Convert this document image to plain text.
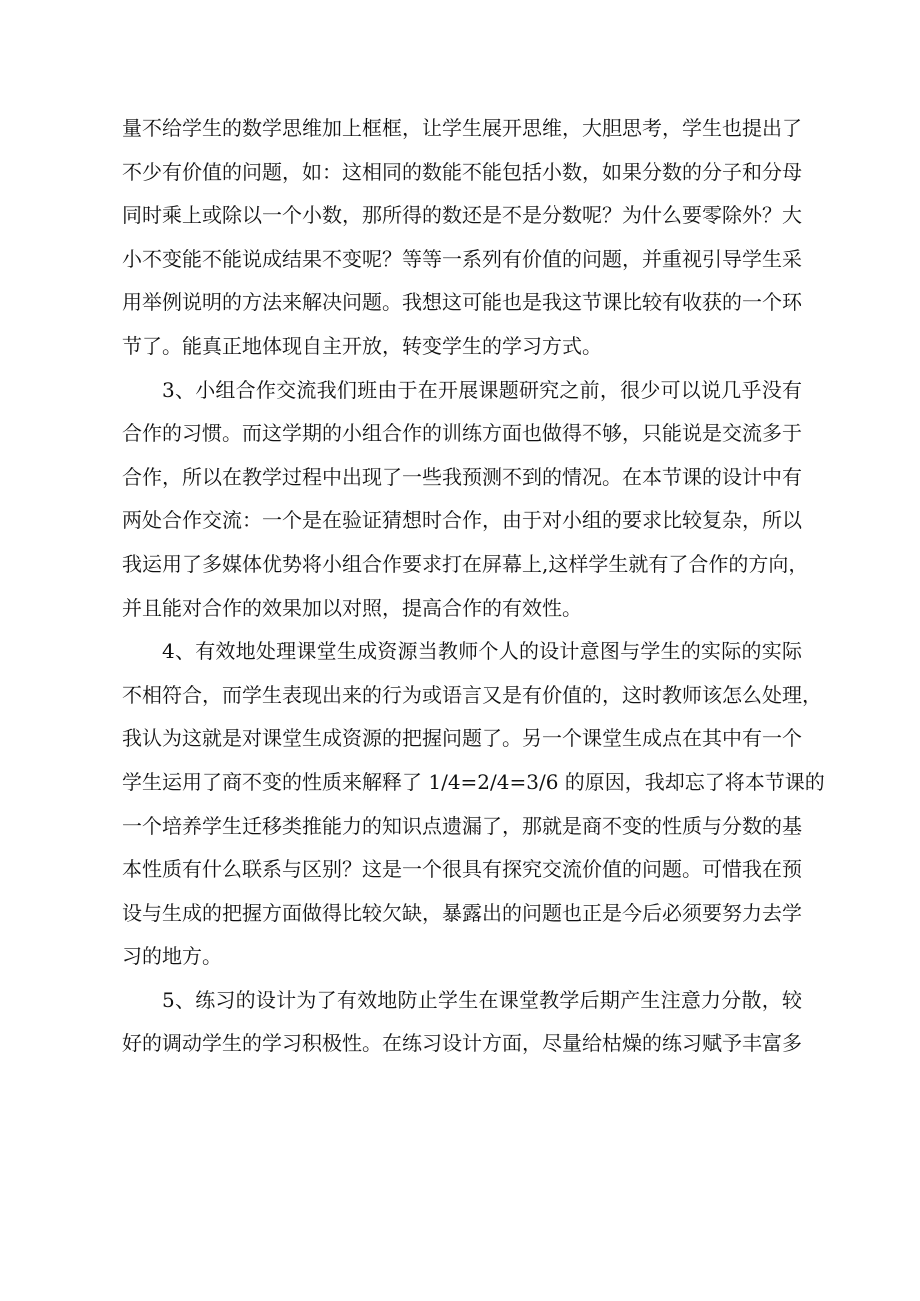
量不给学生的数学思维加上框框，让学生展开思维，大胆思考，学生也提出了
不少有价值的问题，如：这相同的数能不能包括小数，如果分数的分子和分母
同时乘上或除以一个小数，那所得的数还是不是分数呢？为什么要零除外？大
小不变能不能说成结果不变呢？等等一系列有价值的问题，并重视引导学生采
用举例说明的方法来解决问题。我想这可能也是我这节课比较有收获的一个环
节了。能真正地体现自主开放，转变学生的学习方式。
3、小组合作交流我们班由于在开展课题研究之前，很少可以说几乎没有
合作的习惯。而这学期的小组合作的训练方面也做得不够，只能说是交流多于
合作，所以在教学过程中出现了一些我预测不到的情况。在本节课的设计中有
两处合作交流：一个是在验证猜想时合作，由于对小组的要求比较复杂，所以
我运用了多媒体优势将小组合作要求打在屏幕上,这样学生就有了合作的方向，
并且能对合作的效果加以对照，提高合作的有效性。
4、有效地处理课堂生成资源当教师个人的设计意图与学生的实际的实际
不相符合，而学生表现出来的行为或语言又是有价值的，这时教师该怎么处理，
我认为这就是对课堂生成资源的把握问题了。另一个课堂生成点在其中有一个
学生运用了商不变的性质来解释了 1/4=2/4=3/6 的原因，我却忘了将本节课的
一个培养学生迁移类推能力的知识点遗漏了，那就是商不变的性质与分数的基
本性质有什么联系与区别？这是一个很具有探究交流价值的问题。可惜我在预
设与生成的把握方面做得比较欠缺，暴露出的问题也正是今后必须要努力去学
习的地方。
5、练习的设计为了有效地防止学生在课堂教学后期产生注意力分散，较
好的调动学生的学习积极性。在练习设计方面，尽量给枯燥的练习赋予丰富多
